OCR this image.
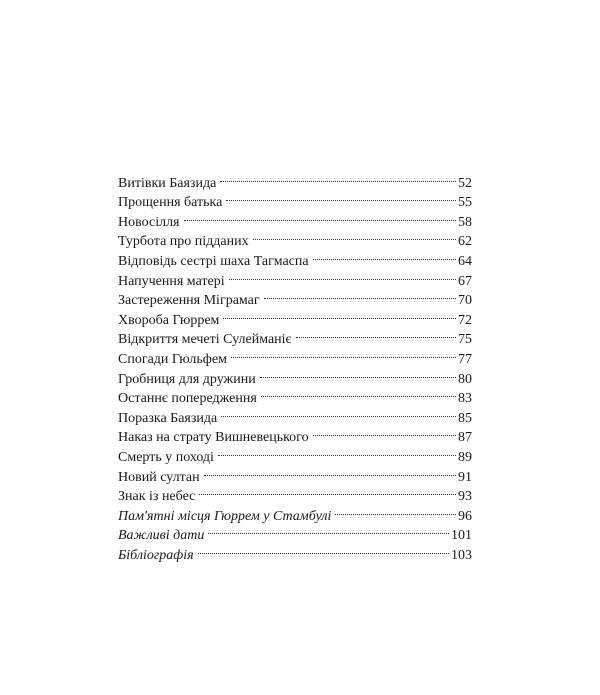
Витівки Баязида	52
Прощення батька	55
Новосілля	58
Турбота про підданих	62
Відповідь сестрі шаха Тагмаспа	64
Напучення матері	67
Застереження Міграмаг	70
Хвороба Гюррем	72
Відкриття мечеті Сулейманіє	75
Спогади Гюльфем	77
Гробниця для дружини	80
Останнє попередження	83
Поразка Баязида	85
Наказ на страту Вишневецького	87
Смерть у поході	89
Новий султан	91
Знак із небес	93
Пам'ятні місця Гюррем у Стамбулі	96
Важливі дати	101
Бібліографія	103
